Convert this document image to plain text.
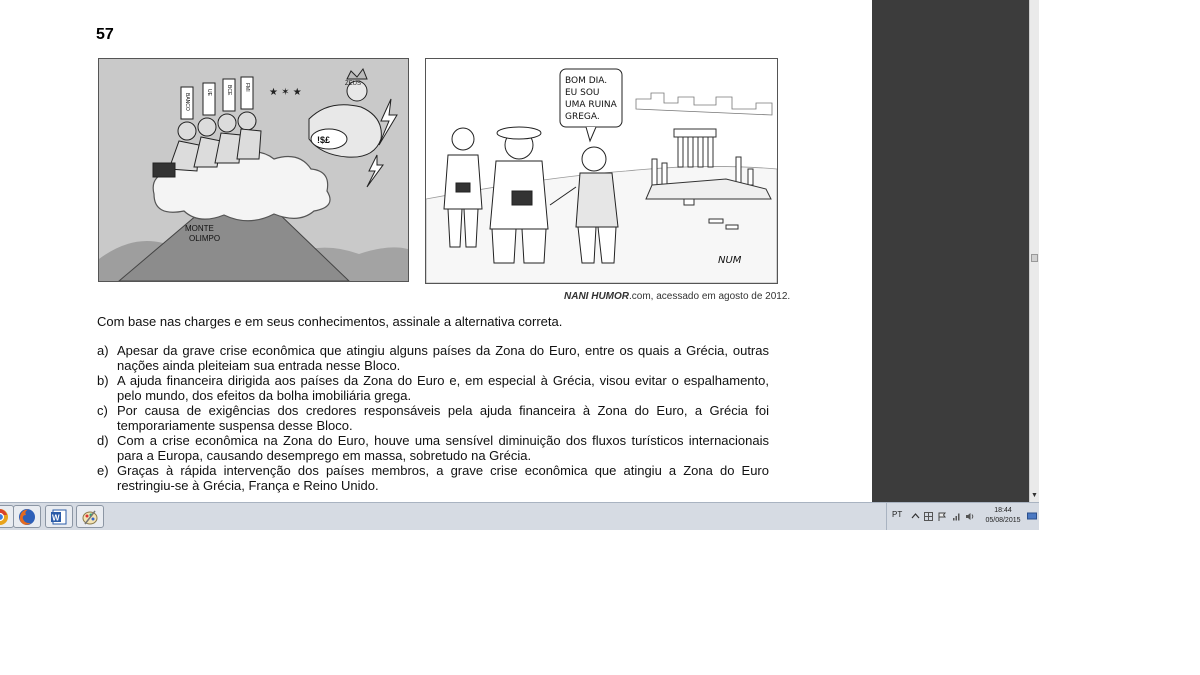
57
BANCO
UE	BCE FMI	ZEUS
!$£
★ ✶ ★
MONTE
OLIMPO
BOM DIA.
EU SOU
UMA RUINA
GREGA.
NUM
NANI HUMOR.com, acessado em agosto de 2012.
Com base nas charges e em seus conhecimentos, assinale a alternativa correta.
a) Apesar da grave crise econômica que atingiu alguns países da Zona do Euro, entre os quais a Grécia, outras nações ainda pleiteiam sua entrada nesse Bloco.
b) A ajuda financeira dirigida aos países da Zona do Euro e, em especial à Grécia, visou evitar o espalhamento, pelo mundo, dos efeitos da bolha imobiliária grega.
c) Por causa de exigências dos credores responsáveis pela ajuda financeira à Zona do Euro, a Grécia foi temporariamente suspensa desse Bloco.
d) Com a crise econômica na Zona do Euro, houve uma sensível diminuição dos fluxos turísticos internacionais para a Europa, causando desemprego em massa, sobretudo na Grécia.
e) Graças à rápida intervenção dos países membros, a grave crise econômica que atingiu a Zona do Euro restringiu-se à Grécia, França e Reino Unido.
▼
W	PT	18:44
05/08/2015
